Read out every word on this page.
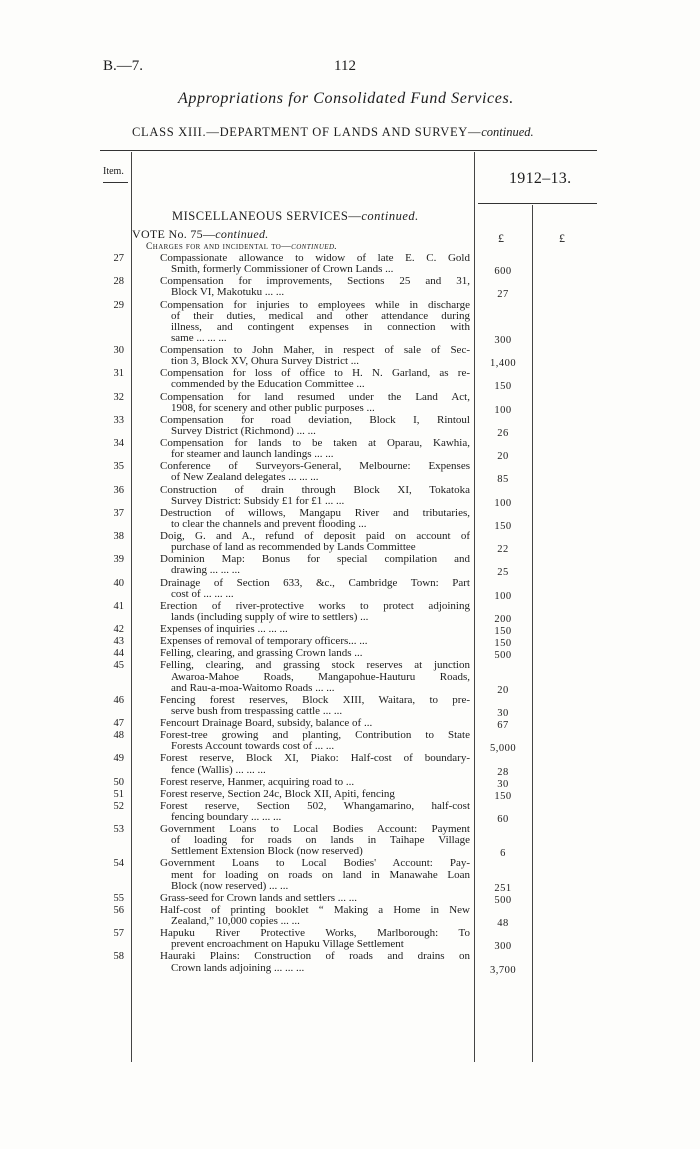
B.—7.	112
Appropriations for Consolidated Fund Services.
CLASS XIII.—DEPARTMENT OF LANDS AND SURVEY—continued.
Item.	1912–13.
MISCELLANEOUS SERVICES—continued.
VOTE No. 75—continued.
Charges for and incidental to—continued.
£	£
27	Compassionate allowance to widow of late E. C. Gold
Smith, formerly Commissioner of Crown Lands ...	600
28	Compensation for improvements, Sections 25 and 31,
Block VI, Makotuku ... ...	27
29	Compensation for injuries to employees while in discharge
of their duties, medical and other attendance during
illness, and contingent expenses in connection with
same ... ... ...	300
30	Compensation to John Maher, in respect of sale of Sec-
tion 3, Block XV, Ohura Survey District ...	1,400
31	Compensation for loss of office to H. N. Garland, as re-
commended by the Education Committee ...	150
32	Compensation for land resumed under the Land Act,
1908, for scenery and other public purposes ...	100
33	Compensation for road deviation, Block I, Rintoul
Survey District (Richmond) ... ...	26
34	Compensation for lands to be taken at Oparau, Kawhia,
for steamer and launch landings ... ...	20
35	Conference of Surveyors-General, Melbourne: Expenses
of New Zealand delegates ... ... ...	85
36	Construction of drain through Block XI, Tokatoka
Survey District: Subsidy £1 for £1 ... ...	100
37	Destruction of willows, Mangapu River and tributaries,
to clear the channels and prevent flooding ...	150
38	Doig, G. and A., refund of deposit paid on account of
purchase of land as recommended by Lands Committee	22
39	Dominion Map: Bonus for special compilation and
drawing ... ... ...	25
40	Drainage of Section 633, &c., Cambridge Town: Part
cost of ... ... ...	100
41	Erection of river-protective works to protect adjoining
lands (including supply of wire to settlers) ...	200
42	Expenses of inquiries ... ... ...	150
43	Expenses of removal of temporary officers... ...	150
44	Felling, clearing, and grassing Crown lands ...	500
45	Felling, clearing, and grassing stock reserves at junction
Awaroa-Mahoe Roads, Mangapohue-Hauturu Roads,
and Rau-a-moa-Waitomo Roads ... ...	20
46	Fencing forest reserves, Block XIII, Waitara, to pre-
serve bush from trespassing cattle ... ...	30
47	Fencourt Drainage Board, subsidy, balance of ...	67
48	Forest-tree growing and planting, Contribution to State
Forests Account towards cost of ... ...	5,000
49	Forest reserve, Block XI, Piako: Half-cost of boundary-
fence (Wallis) ... ... ...	28
50	Forest reserve, Hanmer, acquiring road to ...	30
51	Forest reserve, Section 24c, Block XII, Apiti, fencing	150
52	Forest reserve, Section 502, Whangamarino, half-cost
fencing boundary ... ... ...	60
53	Government Loans to Local Bodies Account: Payment
of loading for roads on lands in Taihape Village
Settlement Extension Block (now reserved)	6
54	Government Loans to Local Bodies' Account: Pay-
ment for loading on roads on land in Manawahe Loan
Block (now reserved) ... ...	251
55	Grass-seed for Crown lands and settlers ... ...	500
56	Half-cost of printing booklet “ Making a Home in New
Zealand,” 10,000 copies ... ...	48
57	Hapuku River Protective Works, Marlborough: To
prevent encroachment on Hapuku Village Settlement	300
58	Hauraki Plains: Construction of roads and drains on
Crown lands adjoining ... ... ...	3,700
